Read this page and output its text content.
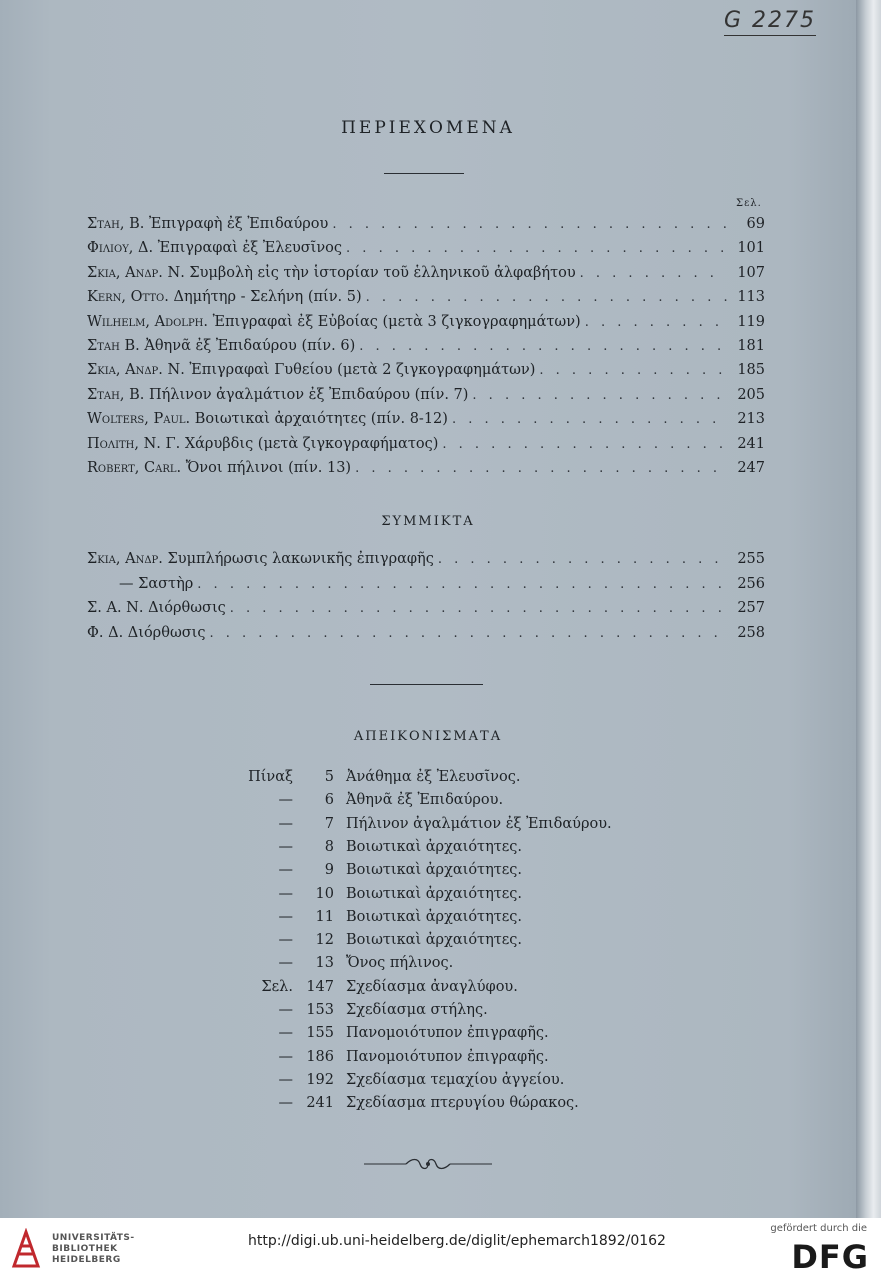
G 2275
ΠΕΡΙΕΧΟΜΕΝΑ
Σελ.
Σταη, Β. Ἐπιγραφὴ ἐξ Ἐπιδαύρου . . .	69
Φιλιου, Δ. Ἐπιγραφαὶ ἐξ Ἐλευσῖνος . . .	101
Σκια, Ανδρ. Ν. Συμβολὴ εἰς τὴν ἱστορίαν τοῦ ἑλληνικοῦ ἀλφαβήτου . . .	107
Kern, Otto. Δημήτηρ - Σελήνη (πίν. 5) . . .	113
Wilhelm, Adolph. Ἐπιγραφαὶ ἐξ Εὐβοίας (μετὰ 3 ζιγκογραφημάτων) . . .	119
Σταη Β. Ἀθηνᾶ ἐξ Ἐπιδαύρου (πίν. 6) . . .	181
Σκια, Ανδρ. Ν. Ἐπιγραφαὶ Γυθείου (μετὰ 2 ζιγκογραφημάτων) . . .	185
Σταη, Β. Πήλινον ἀγαλμάτιον ἐξ Ἐπιδαύρου (πίν. 7) . . .	205
Wolters, Paul. Βοιωτικαὶ ἀρχαιότητες (πίν. 8-12) . . .	213
Πολιτη, Ν. Γ. Χάρυβδις (μετὰ ζιγκογραφήματος) . . .	241
Robert, Carl. Ὄνοι πήλινοι (πίν. 13) . . .	247
ΣΥΜΜΙΚΤΑ
Σκια, Ανδρ. Συμπλήρωσις λακωνικῆς ἐπιγραφῆς . . .	255
— Σαστὴρ . . .	256
Σ. Α. Ν. Διόρθωσις . . .	257
Φ. Δ. Διόρθωσις . . .	258
ΑΠΕΙΚΟΝΙΣΜΑΤΑ
Πίναξ 5 Ἀνάθημα ἐξ Ἐλευσῖνος.
— 6 Ἀθηνᾶ ἐξ Ἐπιδαύρου.
— 7 Πήλινον ἀγαλμάτιον ἐξ Ἐπιδαύρου.
— 8 Βοιωτικαὶ ἀρχαιότητες.
— 9 Βοιωτικαὶ ἀρχαιότητες.
— 10 Βοιωτικαὶ ἀρχαιότητες.
— 11 Βοιωτικαὶ ἀρχαιότητες.
— 12 Βοιωτικαὶ ἀρχαιότητες.
— 13 Ὄνος πήλινος.
Σελ. 147 Σχεδίασμα ἀναγλύφου.
— 153 Σχεδίασμα στήλης.
— 155 Πανομοιότυπον ἐπιγραφῆς.
— 186 Πανομοιότυπον ἐπιγραφῆς.
— 192 Σχεδίασμα τεμαχίου ἀγγείου.
— 241 Σχεδίασμα πτερυγίου θώρακος.
UNIVERSITÄTS-
BIBLIOTHEK
HEIDELBERG
http://digi.ub.uni-heidelberg.de/diglit/ephemarch1892/0162
gefördert durch die
DFG
